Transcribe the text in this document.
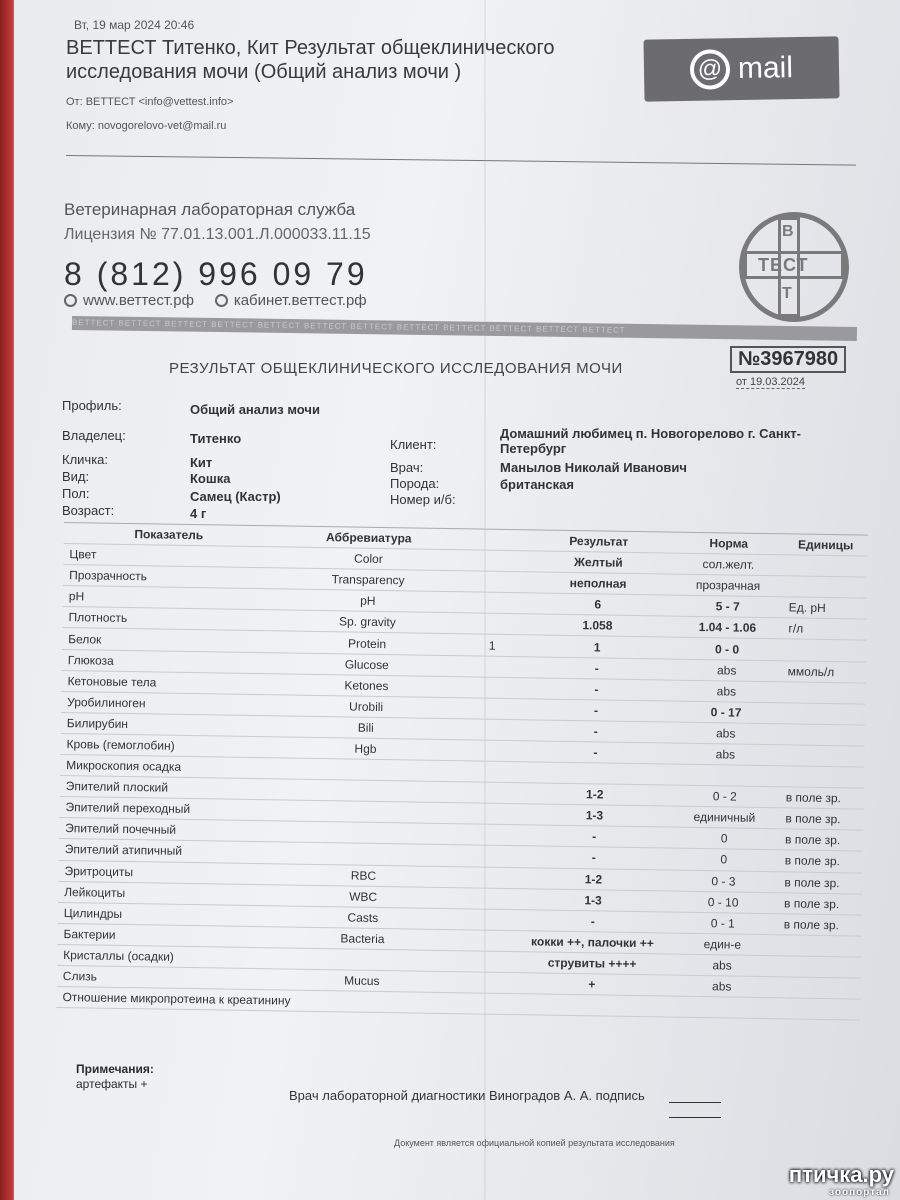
Вт, 19 мар 2024 20:46
ВЕТТЕСТ Титенко, Кит Результат общеклинического исследования мочи (Общий анализ мочи )
От: ВЕТТЕСТ <info@vettest.info>
Кому: novogorelovo-vet@mail.ru
@ mail
Ветеринарная лабораторная служба
Лицензия № 77.01.13.001.Л.000033.11.15
8 (812) 996 09 79
www.веттест.рф	кабинет.веттест.рф
В
ТЕСТ
Т
ВЕТТЕСТ ВЕТТЕСТ ВЕТТЕСТ ВЕТТЕСТ ВЕТТЕСТ ВЕТТЕСТ ВЕТТЕСТ ВЕТТЕСТ ВЕТТЕСТ ВЕТТЕСТ ВЕТТЕСТ ВЕТТЕСТ
РЕЗУЛЬТАТ ОБЩЕКЛИНИЧЕСКОГО ИССЛЕДОВАНИЯ МОЧИ	№3967980
от 19.03.2024
Профиль:	Общий анализ мочи
Владелец:	Титенко
Кличка:	Кит
Вид:	Кошка
Пол:	Самец (Кастр)
Возраст:	4 г
Клиент:
Домашний любимец п. Новогорелово г. Санкт-
Петербург
Врач:	Манылов Николай Иванович
Порода:	британская
Номер и/б:
Показатель	Аббревиатура		Результат	Норма	Единицы
Цвет	Color		Желтый	сол.желт.	
Прозрачность	Transparency		неполная	прозрачная	
pH	pH		6	5 - 7	Ед. pH
Плотность	Sp. gravity		1.058	1.04 - 1.06	г/л
Белок	Protein	1	1	0 - 0	
Глюкоза	Glucose		-	abs	ммоль/л
Кетоновые тела	Ketones		-	abs	
Уробилиноген	Urobili		-	0 - 17	
Билирубин	Bili		-	abs	
Кровь (гемоглобин)	Hgb		-	abs	
Микроскопия осадка					
Эпителий плоский			1-2	0 - 2	в поле зр.
Эпителий переходный			1-3	единичный	в поле зр.
Эпителий почечный			-	0	в поле зр.
Эпителий атипичный			-	0	в поле зр.
Эритроциты	RBC		1-2	0 - 3	в поле зр.
Лейкоциты	WBC		1-3	0 - 10	в поле зр.
Цилиндры	Casts		-	0 - 1	в поле зр.
Бактерии	Bacteria		кокки ++, палочки ++	един-е	
Кристаллы (осадки)			струвиты ++++	abs	
Слизь	Mucus		+	abs	
Отношение микропротеина к креатинину					
Примечания:
артефакты +
Врач лабораторной диагностики Виноградов А. А. подпись
Документ является официальной копией результата исследования
птичка.ру
зоопортал
